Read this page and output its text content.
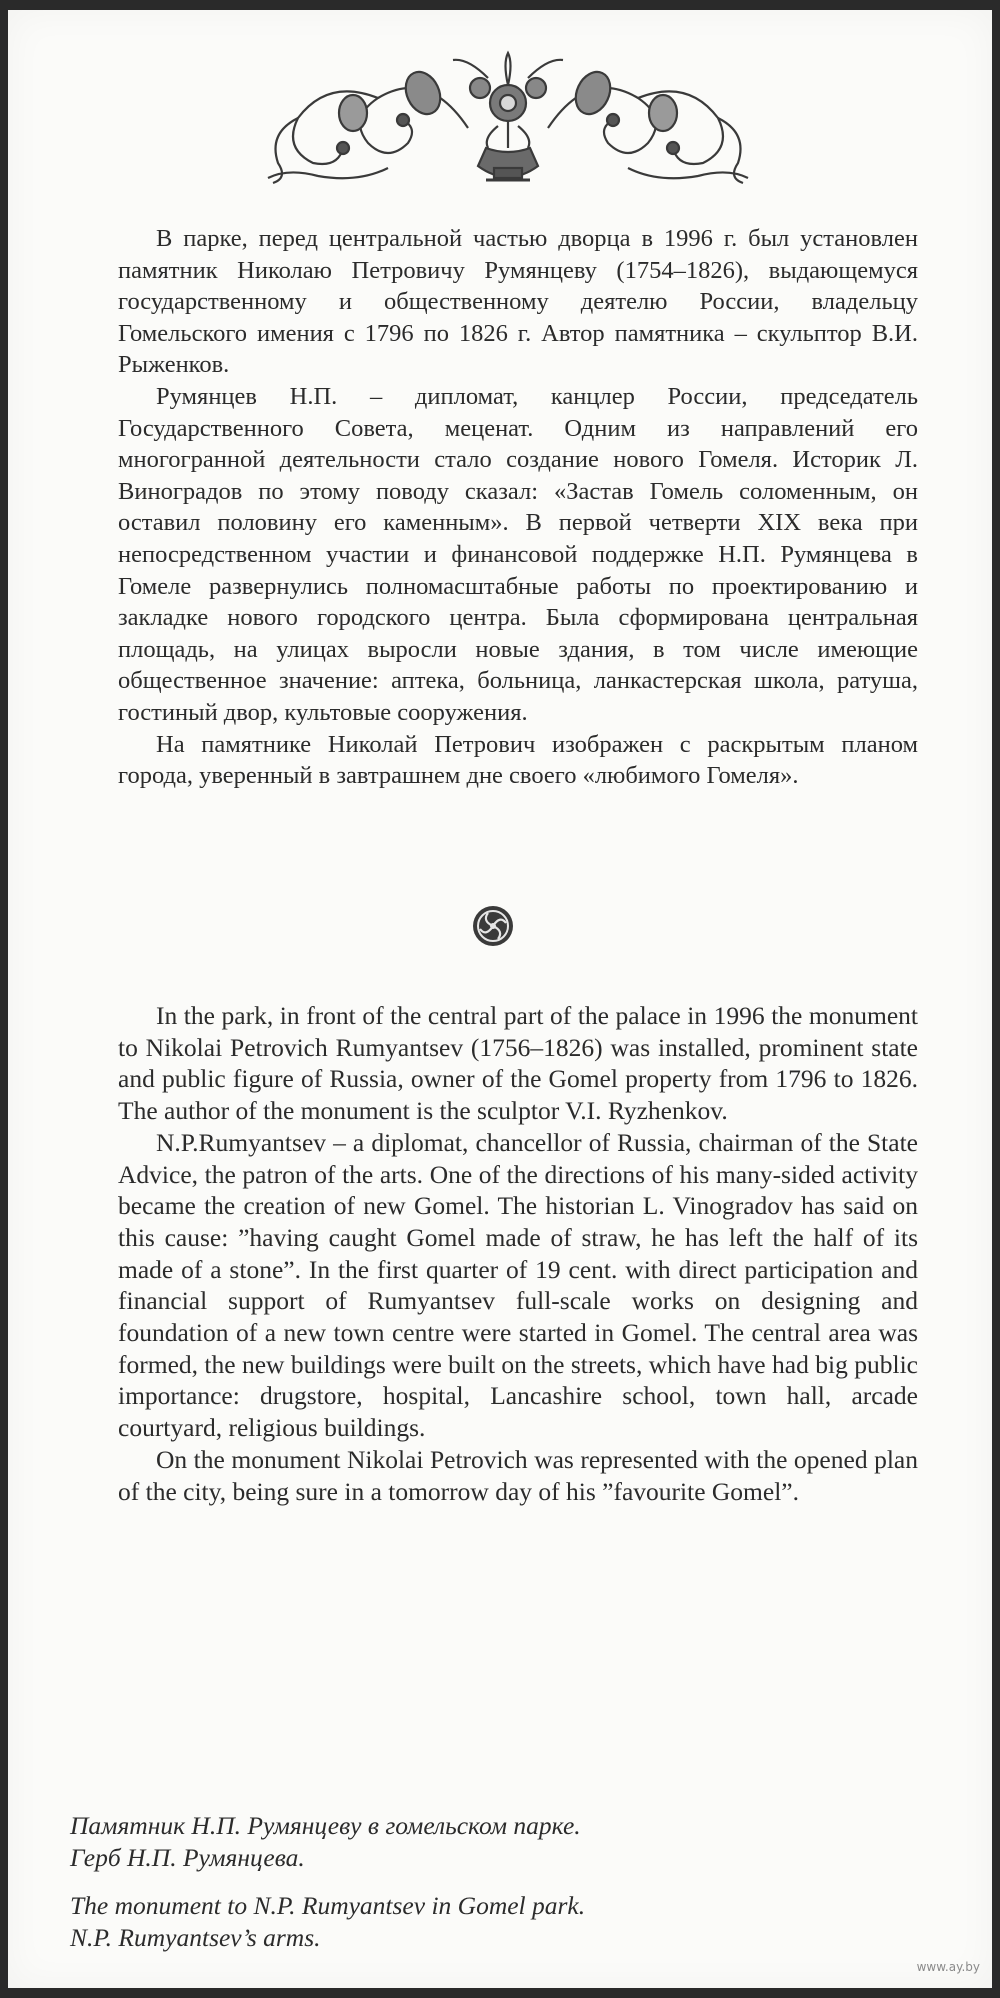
В парке, перед центральной частью дворца в 1996 г. был установлен памятник Николаю Петровичу Румянцеву (1754–1826), выдающемуся государственному и общественному деятелю России, владельцу Гомельского имения с 1796 по 1826 г. Автор памятника – скульптор В.И. Рыженков.

Румянцев Н.П. – дипломат, канцлер России, председатель Государственного Совета, меценат. Одним из направлений его многогранной деятельности стало создание нового Гомеля. Историк Л. Виноградов по этому поводу сказал: «Застав Гомель соломенным, он оставил половину его каменным». В первой четверти XIX века при непосредственном участии и финансовой поддержке Н.П. Румянцева в Гомеле развернулись полномасштабные работы по проектированию и закладке нового городского центра. Была сформирована центральная площадь, на улицах выросли новые здания, в том числе имеющие общественное значение: аптека, больница, ланкастерская школа, ратуша, гостиный двор, культовые сооружения.

На памятнике Николай Петрович изображен с раскрытым планом города, уверенный в завтрашнем дне своего «любимого Гомеля».

In the park, in front of the central part of the palace in 1996 the monument to Nikolai Petrovich Rumyantsev (1756–1826) was installed, prominent state and public figure of Russia, owner of the Gomel property from 1796 to 1826. The author of the monument is the sculptor V.I. Ryzhenkov.

N.P.Rumyantsev – a diplomat, chancellor of Russia, chairman of the State Advice, the patron of the arts. One of the directions of his many-sided activity became the creation of new Gomel. The historian L. Vinogradov has said on this cause: ”having caught Gomel made of straw, he has left the half of its made of a stone”. In the first quarter of 19 cent. with direct participation and financial support of Rumyantsev full-scale works on designing and foundation of a new town centre were started in Gomel. The central area was formed, the new buildings were built on the streets, which have had big public importance: drugstore, hospital, Lancashire school, town hall, arcade courtyard, religious buildings.

On the monument Nikolai Petrovich was represented with the opened plan of the city, being sure in a tomorrow day of his ”favourite Gomel”.

Памятник Н.П. Румянцеву в гомельском парке.
Герб Н.П. Румянцева.
The monument to N.P. Rumyantsev in Gomel park.
N.P. Rumyantsev’s arms.
www.ay.by
